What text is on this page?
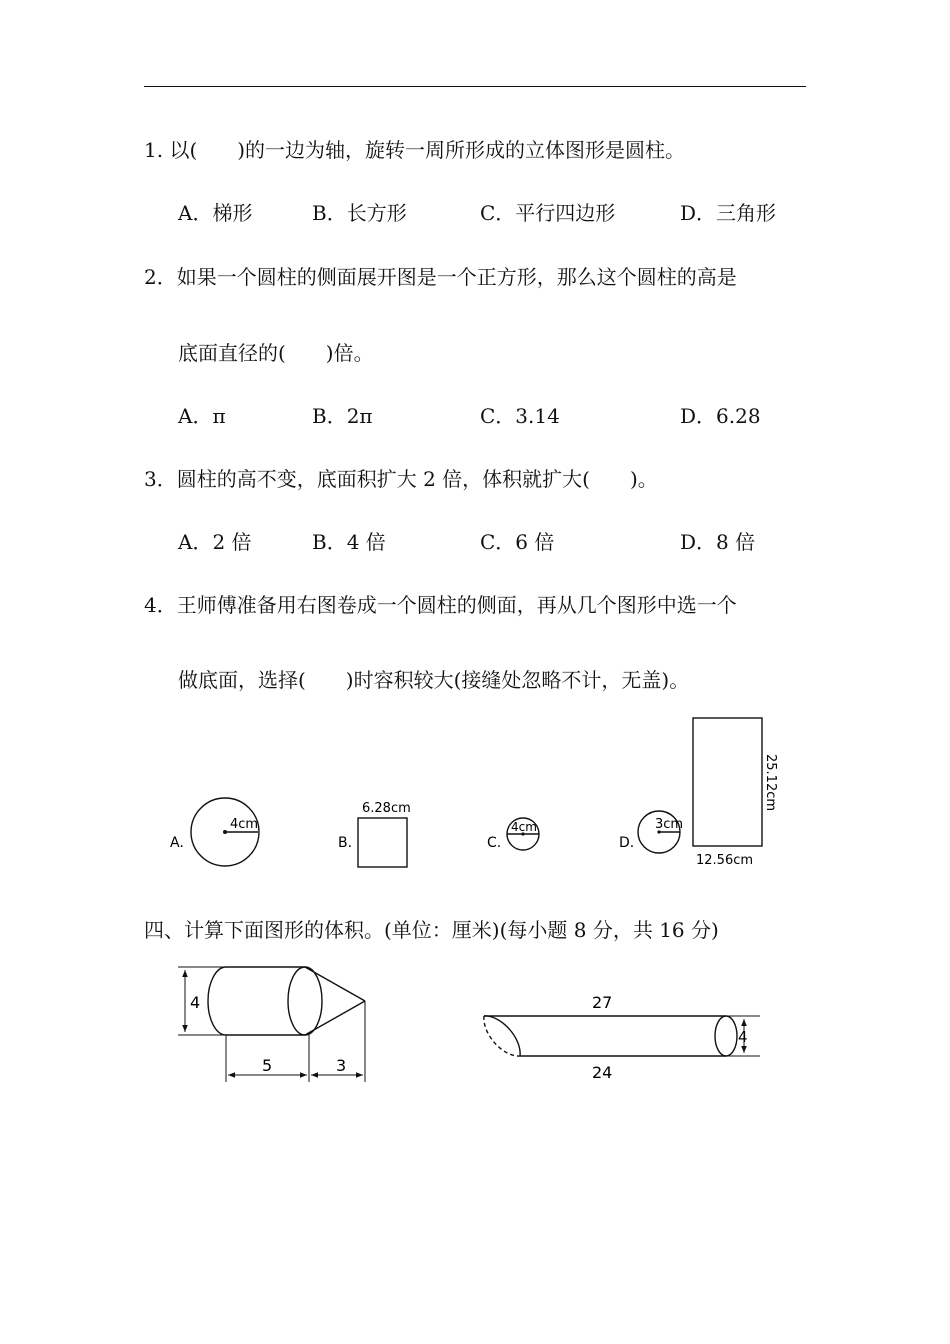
1. 以(　　)的一边为轴，旋转一周所形成的立体图形是圆柱。
A．梯形	B．长方形	C．平行四边形	D．三角形
2．如果一个圆柱的侧面展开图是一个正方形，那么这个圆柱的高是
底面直径的(　　)倍。
A．π	B．2π	C．3.14	D．6.28
3．圆柱的高不变，底面积扩大 2 倍，体积就扩大(　　)。
A．2 倍	B．4 倍	C．6 倍	D．8 倍
4．王师傅准备用右图卷成一个圆柱的侧面，再从几个图形中选一个
做底面，选择(　　)时容积较大(接缝处忽略不计，无盖)。
A.
4cm
B.
6.28cm
C.
4cm
D.
3cm
12.56cm
25.12cm
四、计算下面图形的体积。(单位：厘米)(每小题 8 分，共 16 分)
4
5	3
27
24
4
